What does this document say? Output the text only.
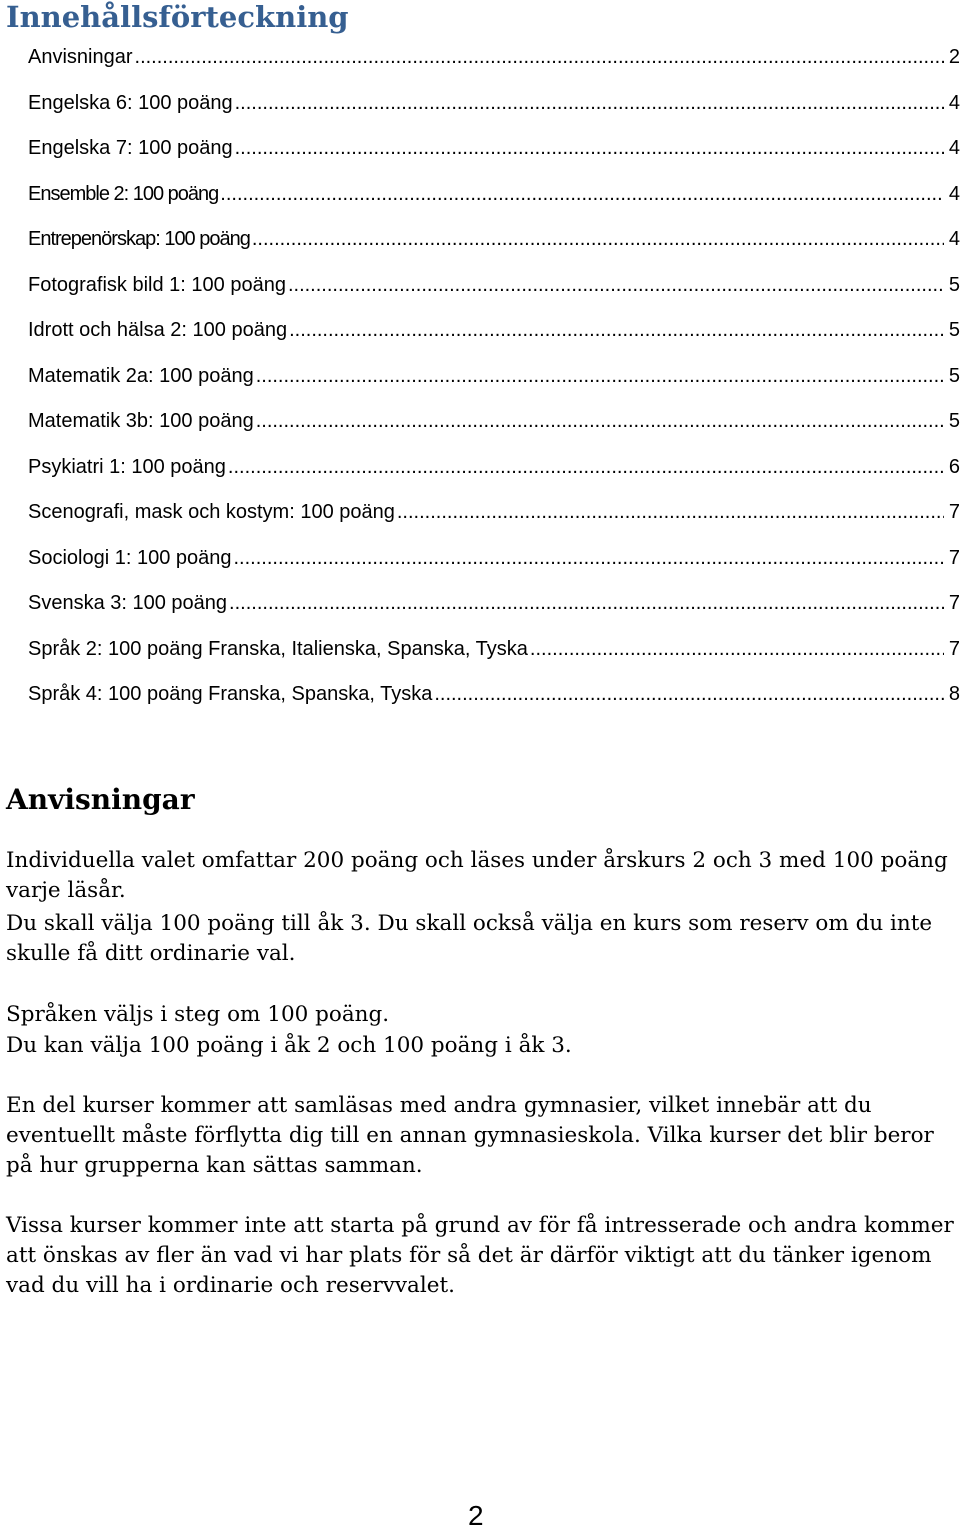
Innehållsförteckning
Anvisningar .....	2
Engelska 6: 100 poäng .....	4
Engelska 7: 100 poäng .....	4
Ensemble 2: 100 poäng .....	4
Entrepenörskap: 100 poäng .....	4
Fotografisk bild 1: 100 poäng .....	5
Idrott och hälsa 2: 100 poäng .....	5
Matematik 2a: 100 poäng .....	5
Matematik 3b: 100 poäng .....	5
Psykiatri 1: 100 poäng .....	6
Scenografi, mask och kostym: 100 poäng .....	7
Sociologi 1: 100 poäng .....	7
Svenska 3: 100 poäng .....	7
Språk 2: 100 poäng Franska, Italienska, Spanska, Tyska .....	7
Språk 4: 100 poäng Franska, Spanska, Tyska .....	8
Anvisningar

Individuella valet omfattar 200 poäng och läses under årskurs 2 och 3 med 100 poäng varje läsår.

Du skall välja 100 poäng till åk 3. Du skall också välja en kurs som reserv om du inte skulle få ditt ordinarie val.

Språken väljs i steg om 100 poäng.

Du kan välja 100 poäng i åk 2 och 100 poäng i åk 3.

En del kurser kommer att samläsas med andra gymnasier, vilket innebär att du eventuellt måste förflytta dig till en annan gymnasieskola. Vilka kurser det blir beror på hur grupperna kan sättas samman.

Vissa kurser kommer inte att starta på grund av för få intresserade och andra kommer att önskas av fler än vad vi har plats för så det är därför viktigt att du tänker igenom vad du vill ha i ordinarie och reservvalet.

2
